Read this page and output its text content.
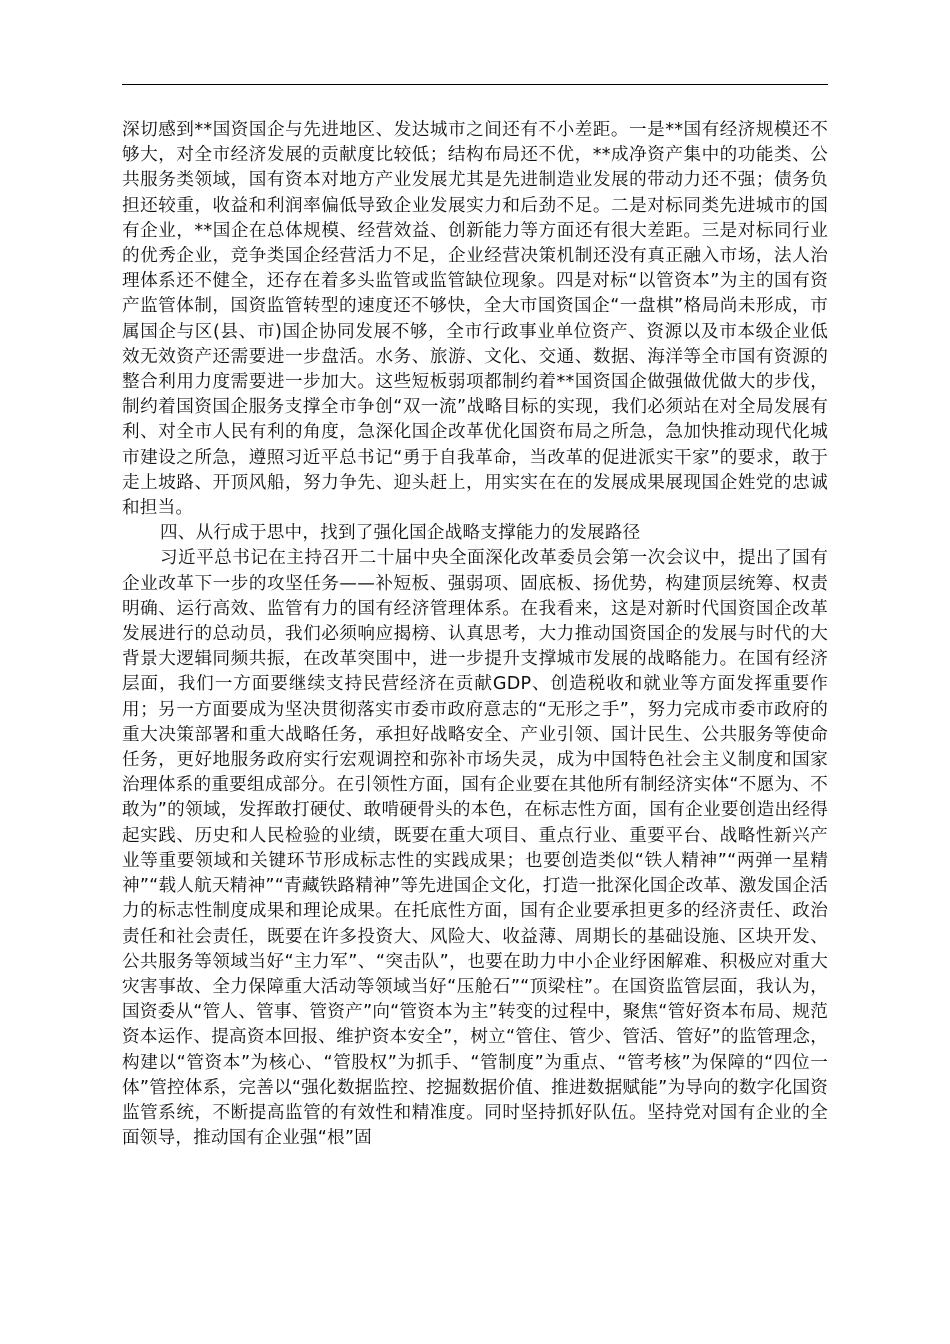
深切感到**国资国企与先进地区、发达城市之间还有不小差距。一是**国有经济规模还不够大，对全市经济发展的贡献度比较低；结构布局还不优，**成净资产集中的功能类、公共服务类领域，国有资本对地方产业发展尤其是先进制造业发展的带动力还不强；债务负担还较重，收益和利润率偏低导致企业发展实力和后劲不足。二是对标同类先进城市的国有企业，**国企在总体规模、经营效益、创新能力等方面还有很大差距。三是对标同行业的优秀企业，竞争类国企经营活力不足，企业经营决策机制还没有真正融入市场，法人治理体系还不健全，还存在着多头监管或监管缺位现象。四是对标“以管资本”为主的国有资产监管体制，国资监管转型的速度还不够快，全大市国资国企“一盘棋”格局尚未形成，市属国企与区(县、市)国企协同发展不够，全市行政事业单位资产、资源以及市本级企业低效无效资产还需要进一步盘活。水务、旅游、文化、交通、数据、海洋等全市国有资源的整合利用力度需要进一步加大。这些短板弱项都制约着**国资国企做强做优做大的步伐，制约着国资国企服务支撑全市争创“双一流”战略目标的实现，我们必须站在对全局发展有利、对全市人民有利的角度，急深化国企改革优化国资布局之所急，急加快推动现代化城市建设之所急，遵照习近平总书记“勇于自我革命，当改革的促进派实干家”的要求，敢于走上坡路、开顶风船，努力争先、迎头赶上，用实实在在的发展成果展现国企姓党的忠诚和担当。

四、从行成于思中，找到了强化国企战略支撑能力的发展路径

习近平总书记在主持召开二十届中央全面深化改革委员会第一次会议中，提出了国有企业改革下一步的攻坚任务——补短板、强弱项、固底板、扬优势，构建顶层统筹、权责明确、运行高效、监管有力的国有经济管理体系。在我看来，这是对新时代国资国企改革发展进行的总动员，我们必须响应揭榜、认真思考，大力推动国资国企的发展与时代的大背景大逻辑同频共振，在改革突围中，进一步提升支撑城市发展的战略能力。在国有经济层面，我们一方面要继续支持民营经济在贡献GDP、创造税收和就业等方面发挥重要作用；另一方面要成为坚决贯彻落实市委市政府意志的“无形之手”，努力完成市委市政府的重大决策部署和重大战略任务，承担好战略安全、产业引领、国计民生、公共服务等使命任务，更好地服务政府实行宏观调控和弥补市场失灵，成为中国特色社会主义制度和国家治理体系的重要组成部分。在引领性方面，国有企业要在其他所有制经济实体“不愿为、不敢为”的领域，发挥敢打硬仗、敢啃硬骨头的本色，在标志性方面，国有企业要创造出经得起实践、历史和人民检验的业绩，既要在重大项目、重点行业、重要平台、战略性新兴产业等重要领域和关键环节形成标志性的实践成果；也要创造类似“铁人精神”“两弹一星精神”“载人航天精神”“青藏铁路精神”等先进国企文化，打造一批深化国企改革、激发国企活力的标志性制度成果和理论成果。在托底性方面，国有企业要承担更多的经济责任、政治责任和社会责任，既要在许多投资大、风险大、收益薄、周期长的基础设施、区块开发、公共服务等领域当好“主力军”、“突击队”，也要在助力中小企业纾困解难、积极应对重大灾害事故、全力保障重大活动等领域当好“压舱石”“顶梁柱”。在国资监管层面，我认为，国资委从“管人、管事、管资产”向“管资本为主”转变的过程中，聚焦“管好资本布局、规范资本运作、提高资本回报、维护资本安全”，树立“管住、管少、管活、管好”的监管理念，构建以“管资本”为核心、“管股权”为抓手、“管制度”为重点、“管考核”为保障的“四位一体”管控体系，完善以“强化数据监控、挖掘数据价值、推进数据赋能”为导向的数字化国资监管系统，不断提高监管的有效性和精准度。同时坚持抓好队伍。坚持党对国有企业的全面领导，推动国有企业强“根”固
